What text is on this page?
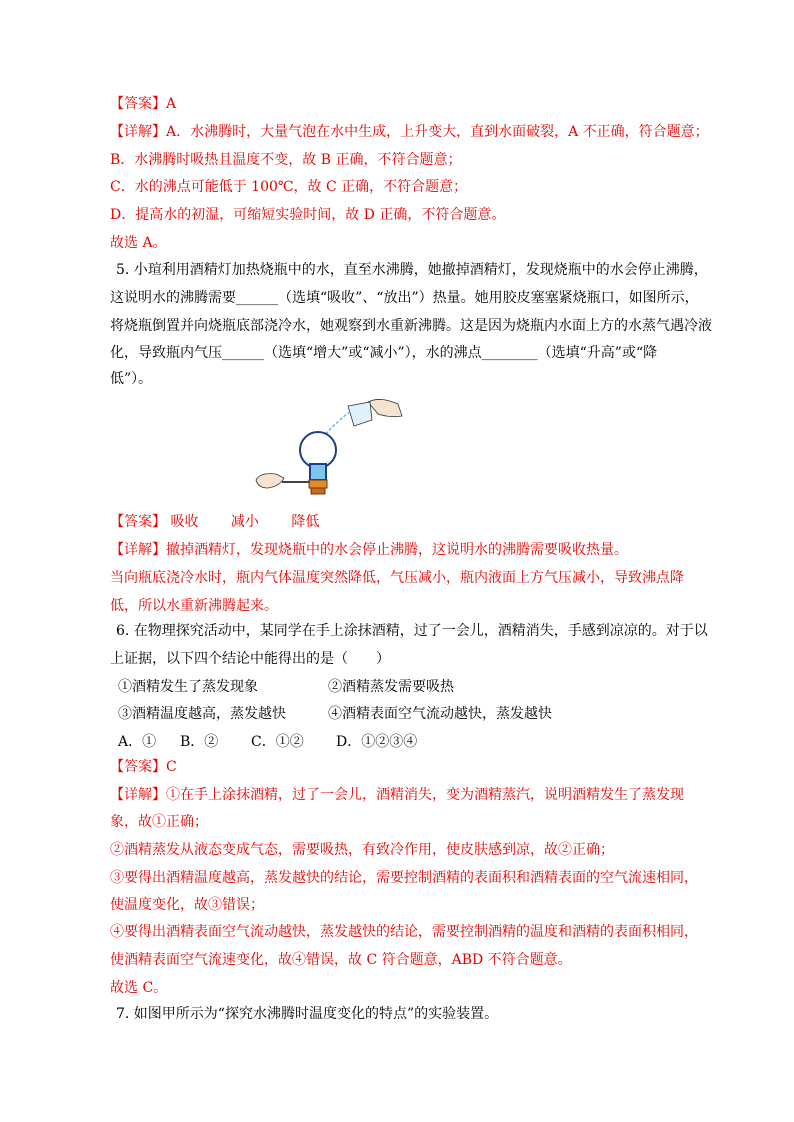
【答案】A
【详解】A．水沸腾时，大量气泡在水中生成，上升变大，直到水面破裂，A 不正确，符合题意；
B．水沸腾时吸热且温度不变，故 B 正确，不符合题意；
C．水的沸点可能低于 100℃，故 C 正确，不符合题意；
D．提高水的初温，可缩短实验时间，故 D 正确，不符合题意。
故选 A。
5. 小瑄利用酒精灯加热烧瓶中的水，直至水沸腾，她撤掉酒精灯，发现烧瓶中的水会停止沸腾，
这说明水的沸腾需要______（选填“吸收”、“放出”）热量。她用胶皮塞塞紧烧瓶口，如图所示，
将烧瓶倒置并向烧瓶底部浇冷水，她观察到水重新沸腾。这是因为烧瓶内水面上方的水蒸气遇冷液
化，导致瓶内气压______（选填“增大”或“减小”），水的沸点________（选填“升高”或“降
低”）。
【答案】 吸收 　　减小 　　降低
【详解】撤掉酒精灯，发现烧瓶中的水会停止沸腾，这说明水的沸腾需要吸收热量。
当向瓶底浇冷水时，瓶内气体温度突然降低，气压减小，瓶内液面上方气压减小，导致沸点降
低，所以水重新沸腾起来。
6. 在物理探究活动中，某同学在手上涂抹酒精，过了一会儿，酒精消失，手感到凉凉的。对于以
上证据，以下四个结论中能得出的是（　　）
①酒精发生了蒸发现象	②酒精蒸发需要吸热
③酒精温度越高，蒸发越快	④酒精表面空气流动越快，蒸发越快
A．① B．② C．①② D．①②③④
【答案】C
【详解】①在手上涂抹酒精，过了一会儿，酒精消失，变为酒精蒸汽，说明酒精发生了蒸发现
象，故①正确；
②酒精蒸发从液态变成气态，需要吸热，有致冷作用，使皮肤感到凉，故②正确；
③要得出酒精温度越高，蒸发越快的结论，需要控制酒精的表面积和酒精表面的空气流速相同，
使温度变化，故③错误；
④要得出酒精表面空气流动越快，蒸发越快的结论，需要控制酒精的温度和酒精的表面积相同，
使酒精表面空气流速变化，故④错误，故 C 符合题意，ABD 不符合题意。
故选 C。
7. 如图甲所示为“探究水沸腾时温度变化的特点”的实验装置。
